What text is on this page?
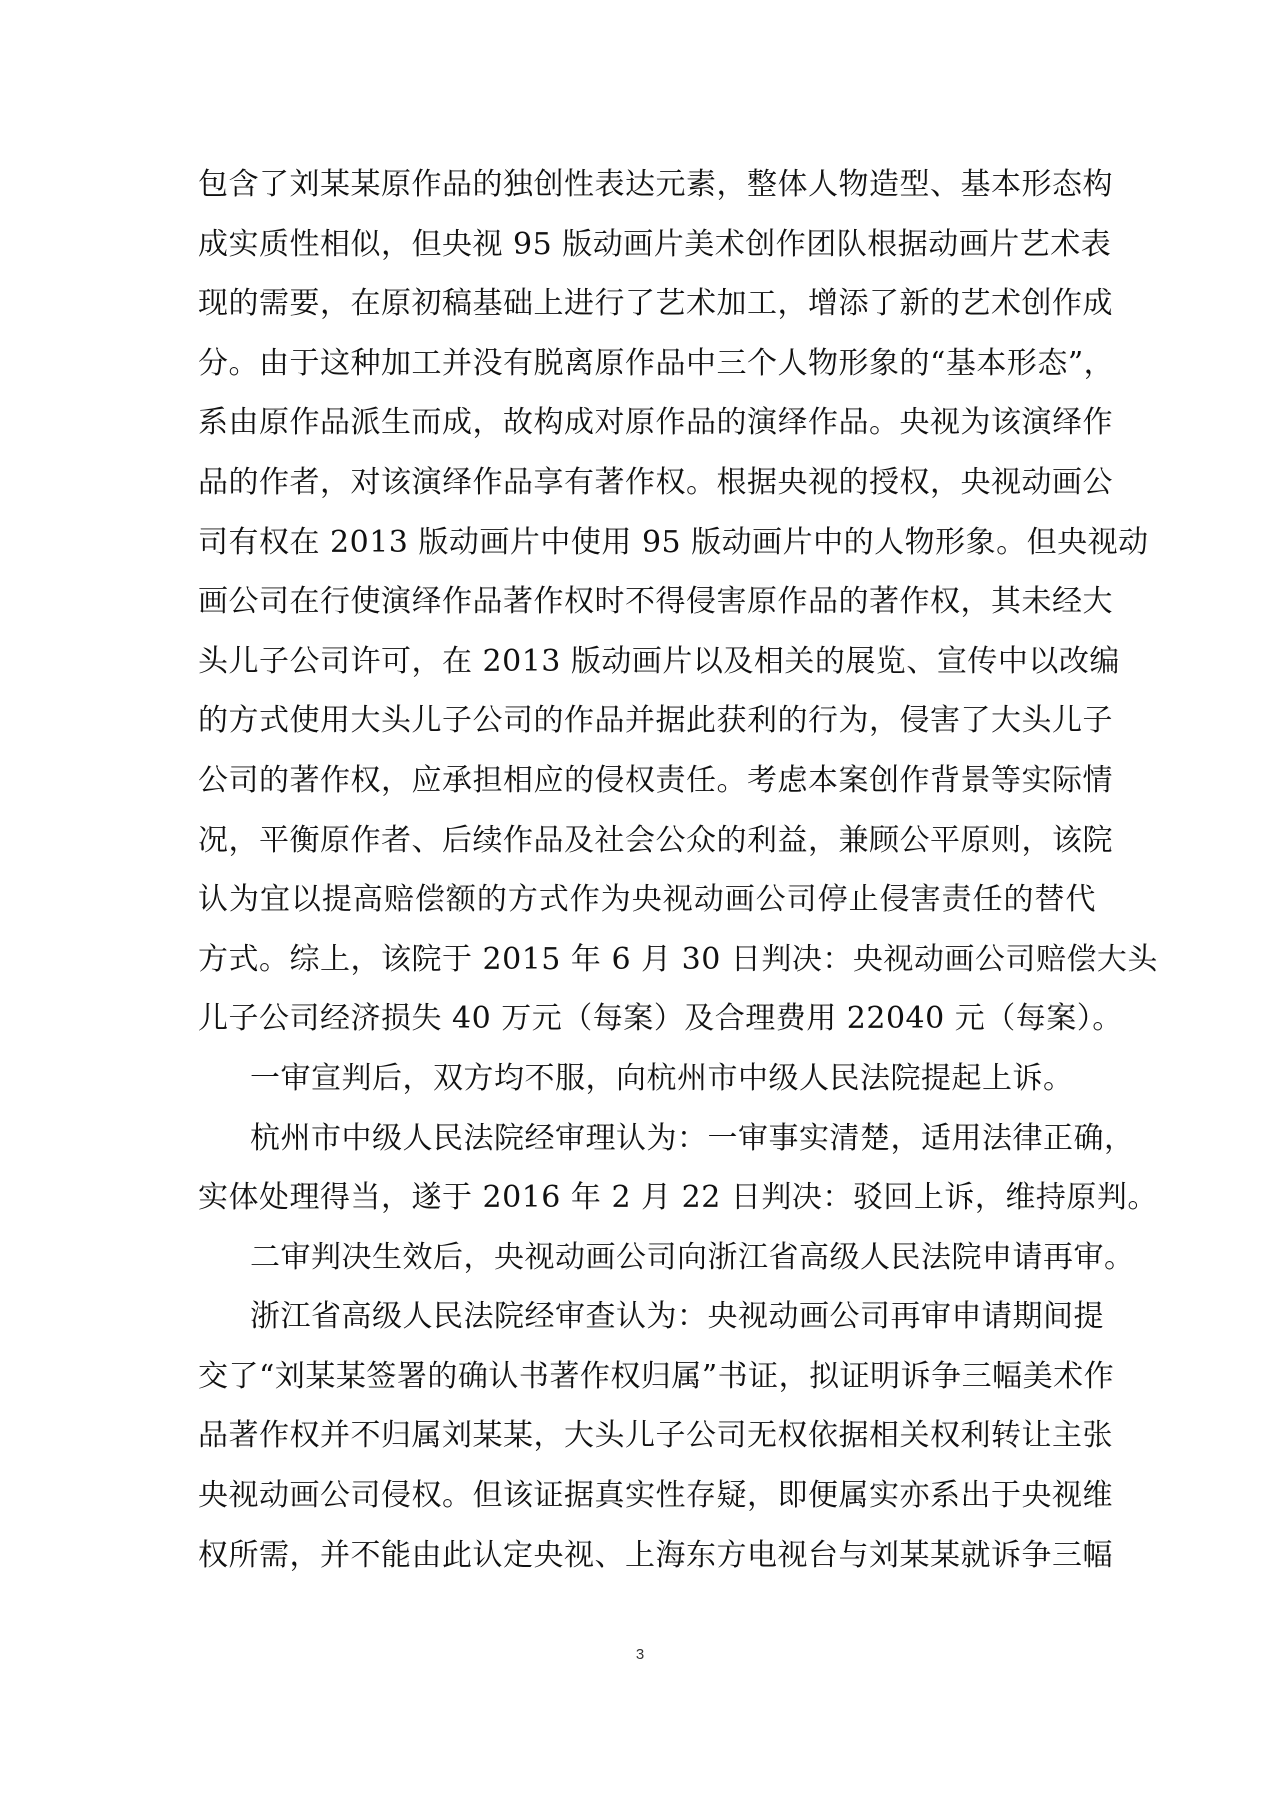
包含了刘某某原作品的独创性表达元素，整体人物造型、基本形态构
成实质性相似，但央视 95 版动画片美术创作团队根据动画片艺术表
现的需要，在原初稿基础上进行了艺术加工，增添了新的艺术创作成
分。由于这种加工并没有脱离原作品中三个人物形象的“基本形态”，
系由原作品派生而成，故构成对原作品的演绎作品。央视为该演绎作
品的作者，对该演绎作品享有著作权。根据央视的授权，央视动画公
司有权在 2013 版动画片中使用 95 版动画片中的人物形象。但央视动
画公司在行使演绎作品著作权时不得侵害原作品的著作权，其未经大
头儿子公司许可，在 2013 版动画片以及相关的展览、宣传中以改编
的方式使用大头儿子公司的作品并据此获利的行为，侵害了大头儿子
公司的著作权，应承担相应的侵权责任。考虑本案创作背景等实际情
况，平衡原作者、后续作品及社会公众的利益，兼顾公平原则，该院
认为宜以提高赔偿额的方式作为央视动画公司停止侵害责任的替代
方式。综上，该院于 2015 年 6 月 30 日判决：央视动画公司赔偿大头
儿子公司经济损失 40 万元（每案）及合理费用 22040 元（每案）。
一审宣判后，双方均不服，向杭州市中级人民法院提起上诉。
杭州市中级人民法院经审理认为：一审事实清楚，适用法律正确，
实体处理得当，遂于 2016 年 2 月 22 日判决：驳回上诉，维持原判。
二审判决生效后，央视动画公司向浙江省高级人民法院申请再审。
浙江省高级人民法院经审查认为：央视动画公司再审申请期间提
交了“刘某某签署的确认书著作权归属”书证，拟证明诉争三幅美术作
品著作权并不归属刘某某，大头儿子公司无权依据相关权利转让主张
央视动画公司侵权。但该证据真实性存疑，即便属实亦系出于央视维
权所需，并不能由此认定央视、上海东方电视台与刘某某就诉争三幅
3
